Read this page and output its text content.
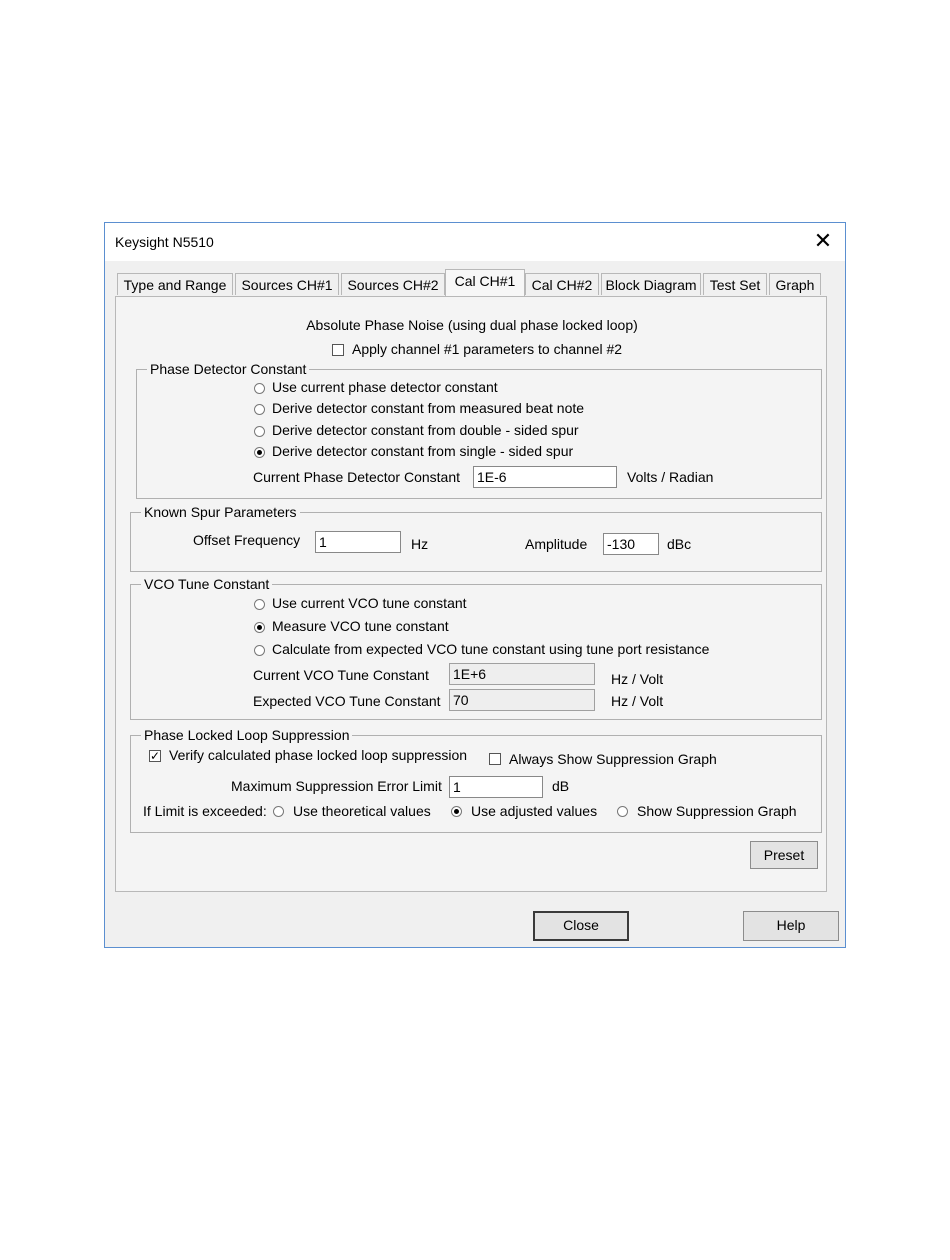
Keysight N5510	✕
Type and Range	Sources CH#1	Sources CH#2	Cal CH#1	Cal CH#2 Block Diagram Test Set	Graph
Absolute Phase Noise (using dual phase locked loop)
Apply channel #1 parameters to channel #2
Phase Detector Constant
Use current phase detector constant
Derive detector constant from measured beat note
Derive detector constant from double - sided spur
Derive detector constant from single - sided spur
Current Phase Detector Constant 1E-6	Volts / Radian
Known Spur Parameters
Offset Frequency 1	Hz	Amplitude -130	dBc
VCO Tune Constant
Use current VCO tune constant
Measure VCO tune constant
Calculate from expected VCO tune constant using tune port resistance
Current VCO Tune Constant 1E+6	Hz / Volt
Expected VCO Tune Constant 70	Hz / Volt
Phase Locked Loop Suppression
✓ Verify calculated phase locked loop suppression	Always Show Suppression Graph
Maximum Suppression Error Limit 1	dB
If Limit is exceeded: Use theoretical values	Use adjusted values	Show Suppression Graph
Preset
Close	Help
